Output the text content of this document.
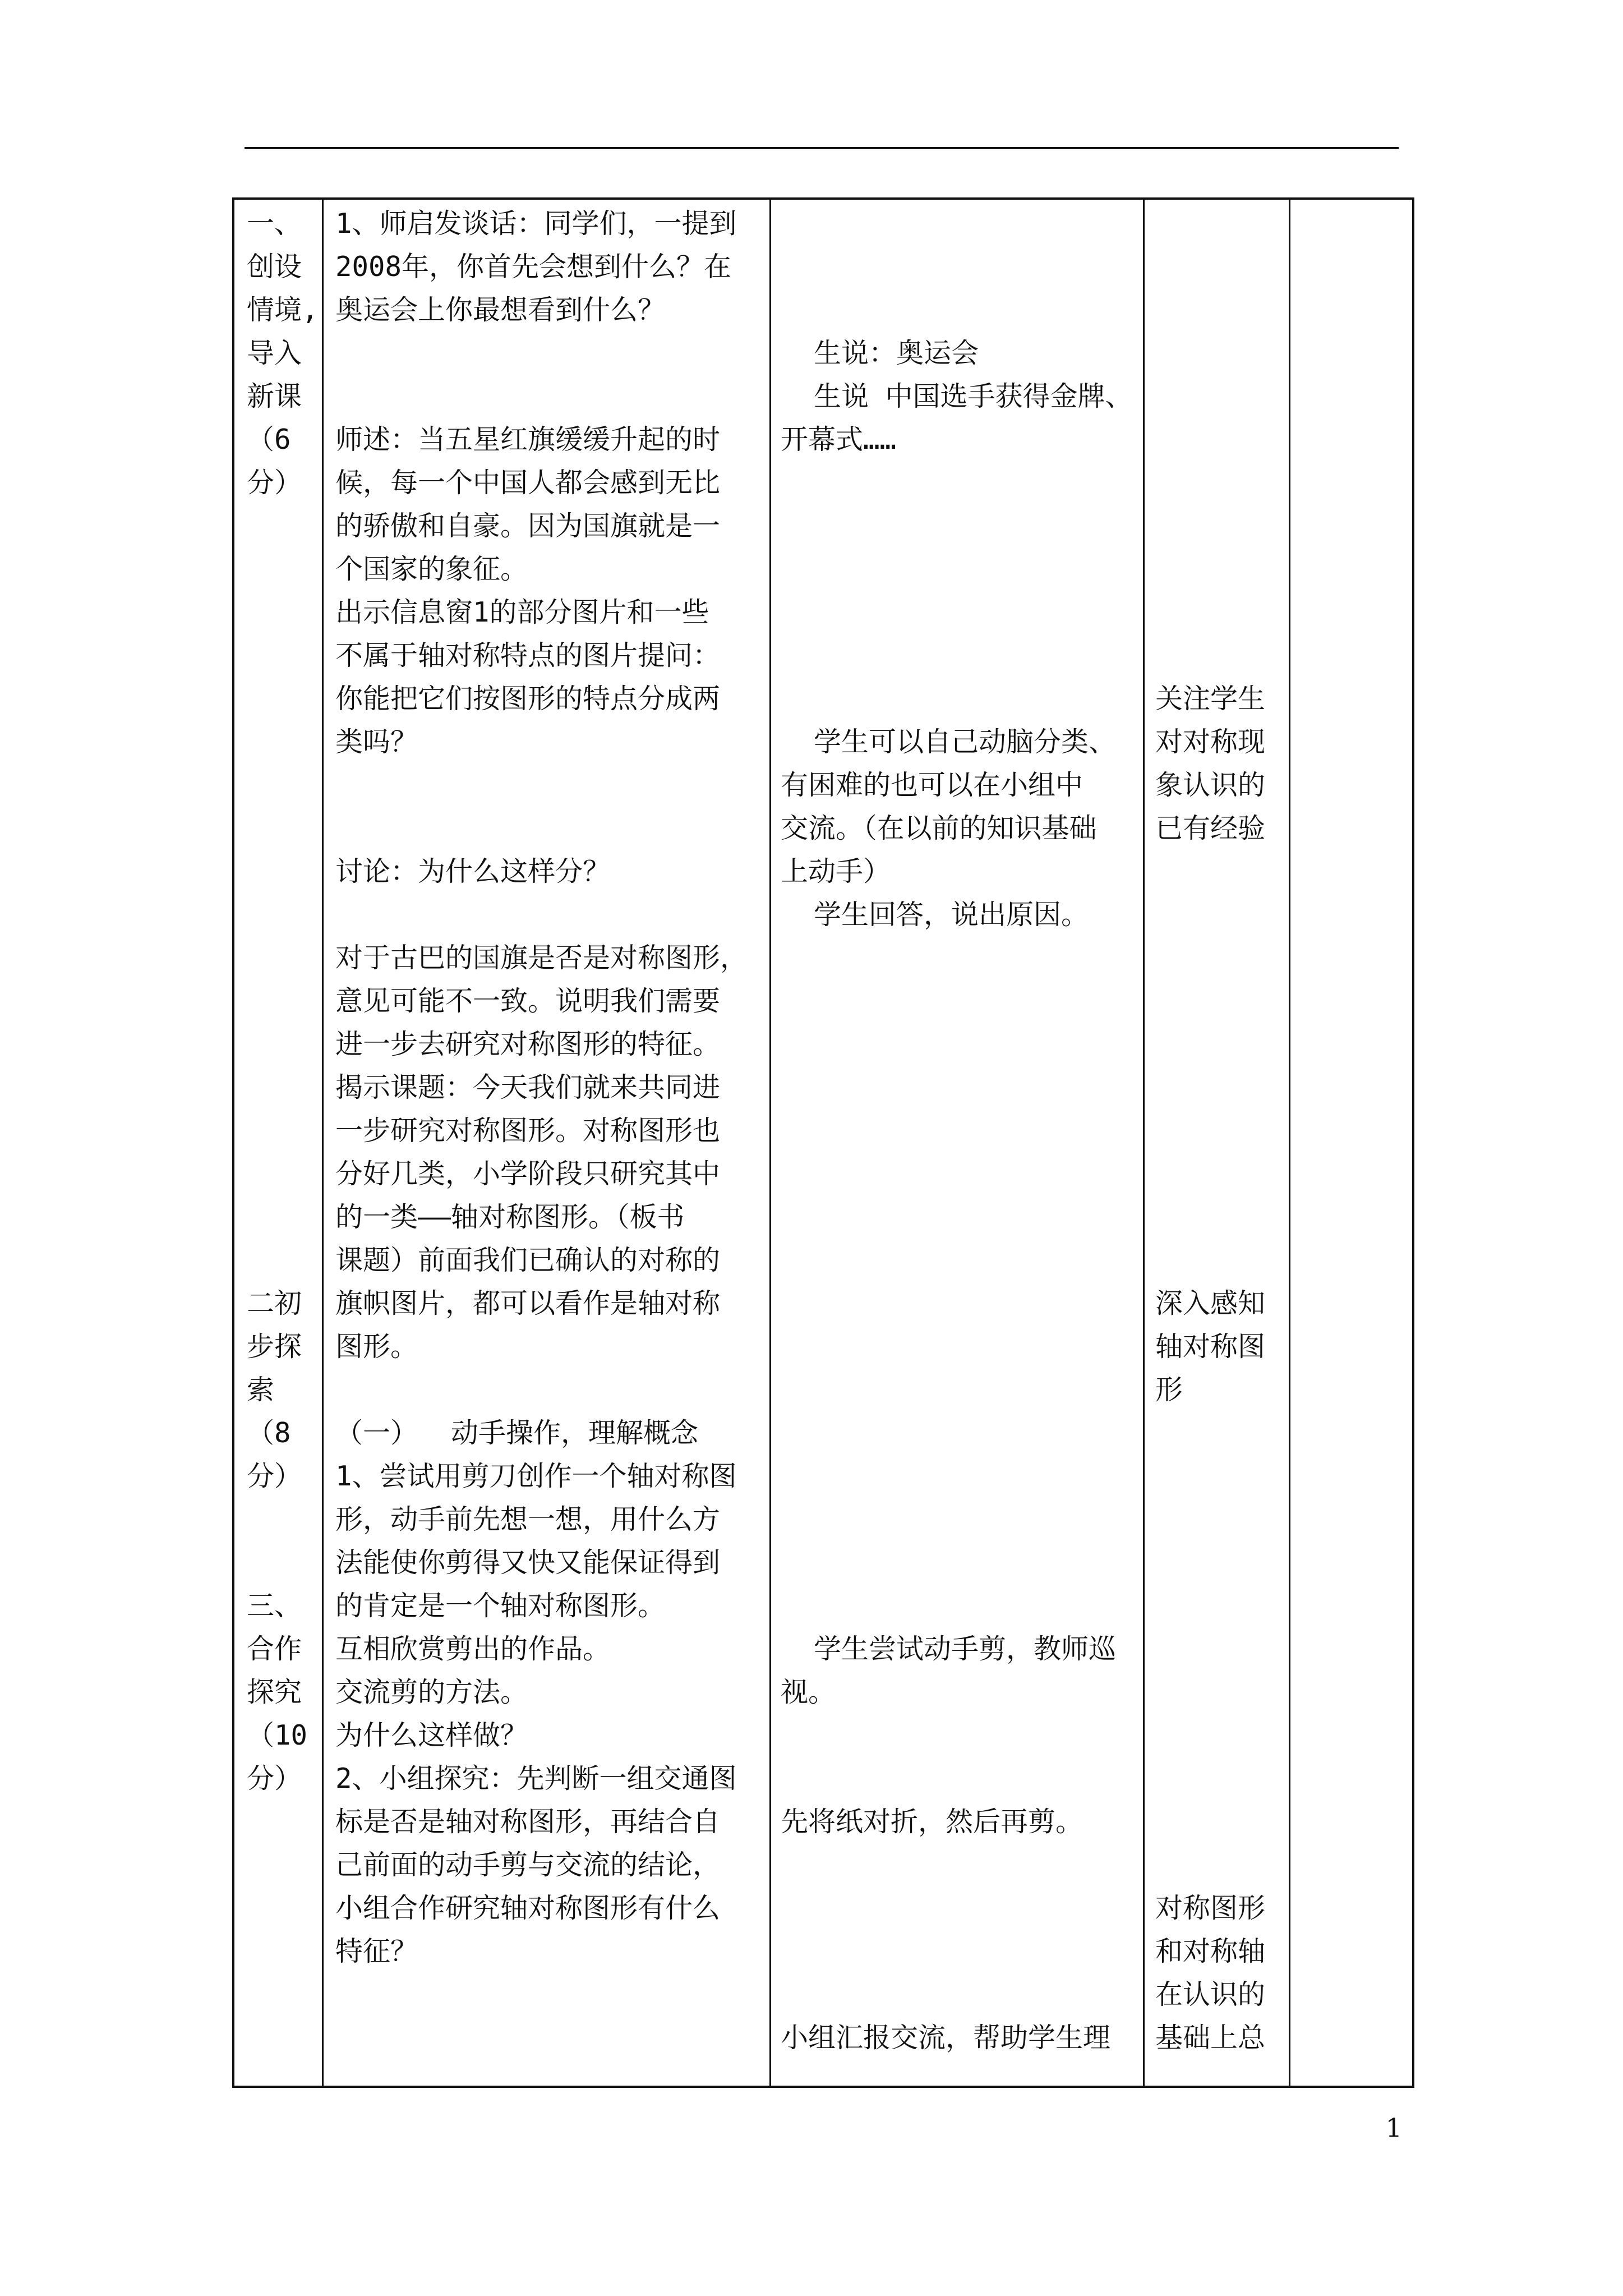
一、
创设
情境,
导入
新课
（6
分）

二初
步探
索
（8
分）

三、
合作
探究
（10
分）
1、师启发谈话：同学们，一提到
2008年，你首先会想到什么？在
奥运会上你最想看到什么？

师述：当五星红旗缓缓升起的时
候，每一个中国人都会感到无比
的骄傲和自豪。因为国旗就是一
个国家的象征。
出示信息窗1的部分图片和一些
不属于轴对称特点的图片提问：
你能把它们按图形的特点分成两
类吗？

讨论：为什么这样分？

对于古巴的国旗是否是对称图形，
意见可能不一致。说明我们需要
进一步去研究对称图形的特征。
揭示课题：今天我们就来共同进
一步研究对称图形。对称图形也
分好几类，小学阶段只研究其中
的一类——轴对称图形。（板书
课题）前面我们已确认的对称的
旗帜图片，都可以看作是轴对称
图形。

（一）  动手操作，理解概念
1、尝试用剪刀创作一个轴对称图
形，动手前先想一想，用什么方
法能使你剪得又快又能保证得到
的肯定是一个轴对称图形。
互相欣赏剪出的作品。
交流剪的方法。
为什么这样做？
2、小组探究：先判断一组交通图
标是否是轴对称图形，再结合自
己前面的动手剪与交流的结论，
小组合作研究轴对称图形有什么
特征？

生说：奥运会
生说 中国选手获得金牌、
开幕式……

学生可以自己动脑分类、
有困难的也可以在小组中
交流。（在以前的知识基础
上动手）
学生回答，说出原因。

学生尝试动手剪，教师巡
视。

先将纸对折，然后再剪。

小组汇报交流，帮助学生理

关注学生
对对称现
象认识的
已有经验

深入感知
轴对称图
形

对称图形
和对称轴
在认识的
基础上总
1
